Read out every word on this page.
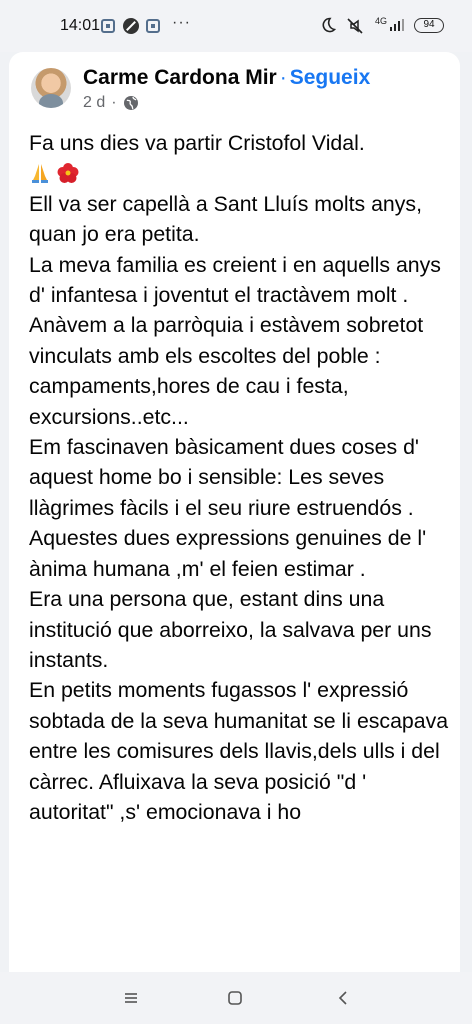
14:01	···	4G	94
Carme Cardona Mir · Segueix
2 d ·

Fa uns dies va partir Cristofol Vidal.

Ell va ser capellà a Sant Lluís molts anys, quan jo era petita.

La meva familia es creient i en aquells anys d' infantesa i joventut el tractàvem molt . Anàvem a la parròquia i estàvem sobretot vinculats amb els escoltes del poble : campaments,hores de cau i festa, excursions..etc...

Em fascinaven bàsicament dues coses d' aquest home bo i sensible: Les seves llàgrimes fàcils i el seu riure estruendós . Aquestes dues expressions genuines de l' ànima humana ,m' el feien estimar .

Era una persona que, estant dins una institució que aborreixo, la salvava per uns instants.

En petits moments fugassos l' expressió sobtada de la seva humanitat se li escapava entre les comisures dels llavis,dels ulls i del càrrec. Afluixava la seva posició "d ' autoritat" ,s' emocionava i ho
